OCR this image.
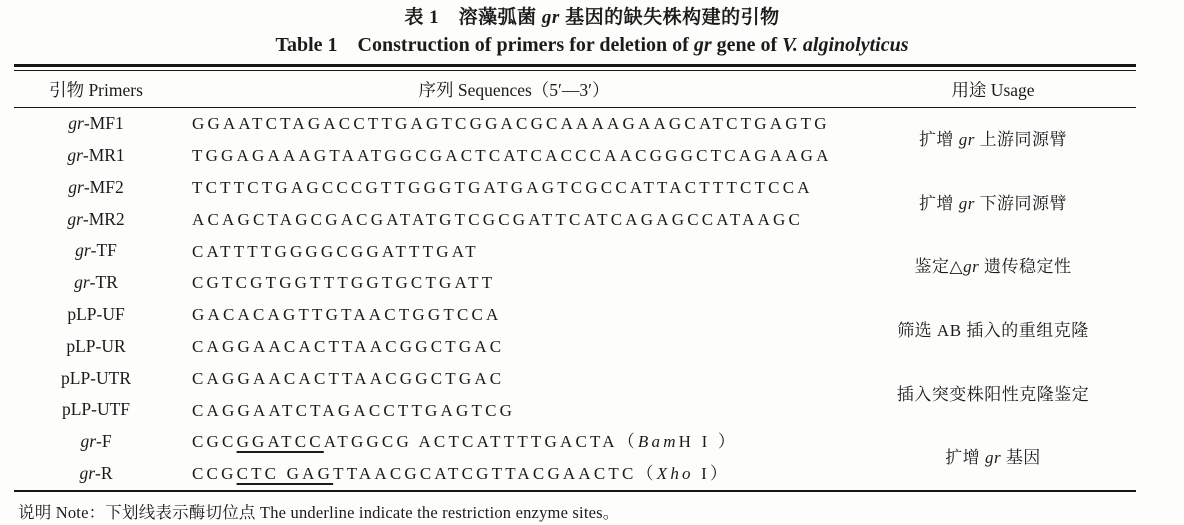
表 1　溶藻弧菌 gr 基因的缺失株构建的引物
Table 1　Construction of primers for deletion of gr gene of V. alginolyticus
引物 Primers	序列 Sequences（5′—3′）	用途 Usage
gr-MF1	GGAATCTAGACCTTGAGTCGGACGCAAAAGAAGCATCTGAGTG	扩增 gr 上游同源臂
gr-MR1	TGGAGAAAGTAATGGCGACTCATCACCCAACGGGCTCAGAAGA	
gr-MF2	TCTTCTGAGCCCGTTGGGTGATGAGTCGCCATTACTTTCTCCA	扩增 gr 下游同源臂
gr-MR2	ACAGCTAGCGACGATATGTCGCGATTCATCAGAGCCATAAGC	
gr-TF	CATTTTGGGGCGGATTTGAT	鉴定△gr 遗传稳定性
gr-TR	CGTCGTGGTTTGGTGCTGATT	
pLP-UF	GACACAGTTGTAACTGGTCCA	筛选 AB 插入的重组克隆
pLP-UR	CAGGAACACTTAACGGCTGAC	
pLP-UTR	CAGGAACACTTAACGGCTGAC	插入突变株阳性克隆鉴定
pLP-UTF	CAGGAATCTAGACCTTGAGTCG	
gr-F	CGCGGATCCATGGCG ACTCATTTTGACTA（BamH I ）	扩增 gr 基因
gr-R	CCGCTC GAGTTAACGCATCGTTACGAACTC（Xho I）	
说明 Note：下划线表示酶切位点 The underline indicate the restriction enzyme sites。
